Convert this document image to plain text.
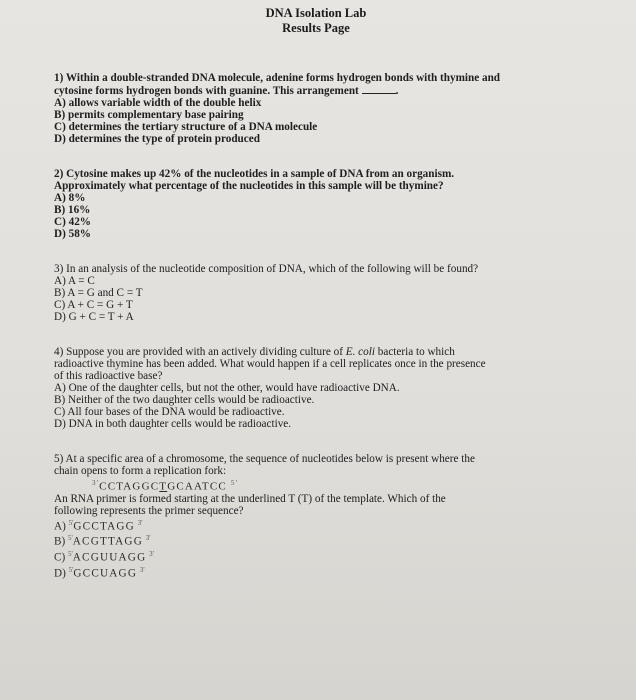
DNA Isolation Lab
Results Page

1) Within a double-stranded DNA molecule, adenine forms hydrogen bonds with thymine and

cytosine forms hydrogen bonds with guanine. This arrangement	.

A) allows variable width of the double helix

B) permits complementary base pairing

C) determines the tertiary structure of a DNA molecule

D) determines the type of protein produced

2) Cytosine makes up 42% of the nucleotides in a sample of DNA from an organism.

Approximately what percentage of the nucleotides in this sample will be thymine?

A) 8%

B) 16%

C) 42%

D) 58%

3) In an analysis of the nucleotide composition of DNA, which of the following will be found?

A) A = C

B) A = G and C = T

C) A + C = G + T

D) G + C = T + A

4) Suppose you are provided with an actively dividing culture of E. coli bacteria to which

radioactive thymine has been added. What would happen if a cell replicates once in the presence

of this radioactive base?

A) One of the daughter cells, but not the other, would have radioactive DNA.

B) Neither of the two daughter cells would be radioactive.

C) All four bases of the DNA would be radioactive.

D) DNA in both daughter cells would be radioactive.

5) At a specific area of a chromosome, the sequence of nucleotides below is present where the

chain opens to form a replication fork:

$^{3'}$CCTAGGCTGCAATCC $^{5'}$

An RNA primer is formed starting at the underlined T (T) of the template. Which of the

following represents the primer sequence?

A) $^{5'}$GCCTAGG $^{3'}$

B) $^{5'}$ACGTTAGG $^{3'}$

C) $^{5'}$ACGUUAGG $^{3'}$

D) $^{5'}$GCCUAGG $^{3'}$
